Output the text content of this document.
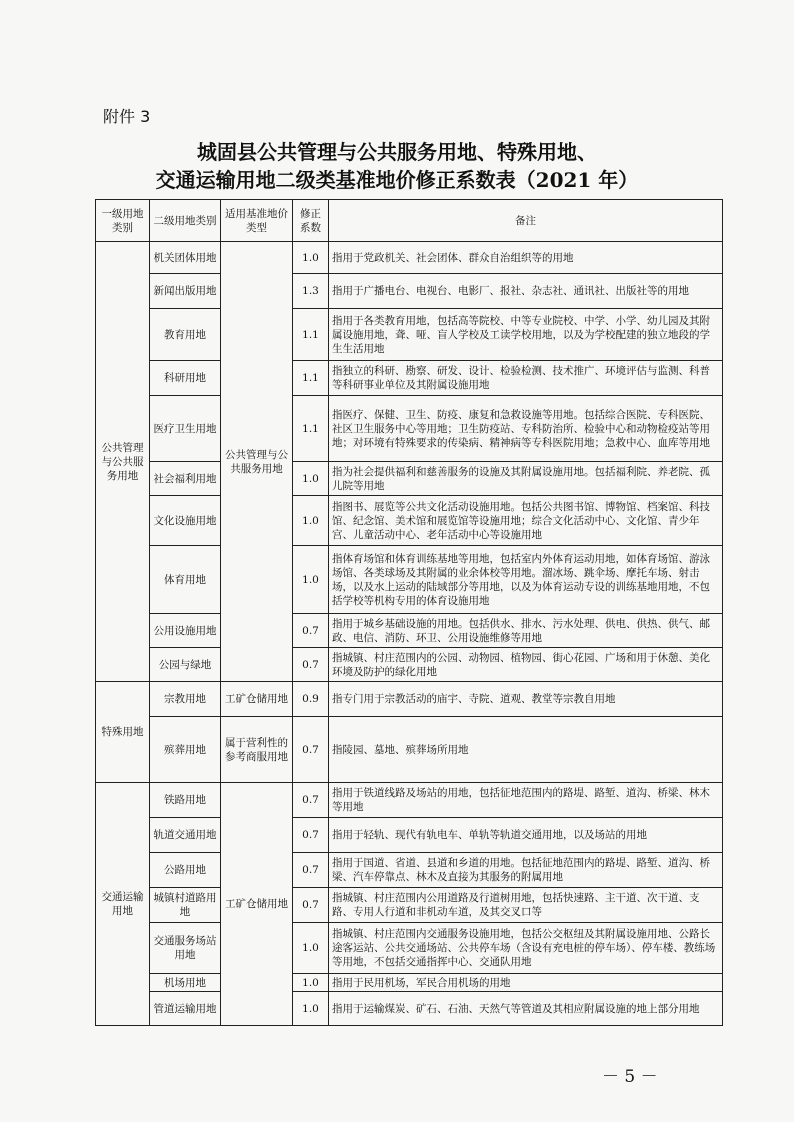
附件 3
城固县公共管理与公共服务用地、特殊用地、
交通运输用地二级类基准地价修正系数表（2021 年）
一级用地类别	二级用地类别	适用基准地价类型	修正系数	备注
公共管理与公共服务用地	机关团体用地	公共管理与公共服务用地	1.0	指用于党政机关、社会团体、群众自治组织等的用地
	新闻出版用地		1.3	指用于广播电台、电视台、电影厂、报社、杂志社、通讯社、出版社等的用地
	教育用地		1.1	指用于各类教育用地，包括高等院校、中等专业院校、中学、小学、幼儿园及其附属设施用地，聋、哑、盲人学校及工读学校用地，以及为学校配建的独立地段的学生生活用地
	科研用地		1.1	指独立的科研、勘察、研发、设计、检验检测、技术推广、环境评估与监测、科普等科研事业单位及其附属设施用地
	医疗卫生用地		1.1	指医疗、保健、卫生、防疫、康复和急救设施等用地。包括综合医院、专科医院、社区卫生服务中心等用地；卫生防疫站、专科防治所、检验中心和动物检疫站等用地；对环境有特殊要求的传染病、精神病等专科医院用地；急救中心、血库等用地
	社会福利用地		1.0	指为社会提供福利和慈善服务的设施及其附属设施用地。包括福利院、养老院、孤儿院等用地
	文化设施用地		1.0	指图书、展览等公共文化活动设施用地。包括公共图书馆、博物馆、档案馆、科技馆、纪念馆、美术馆和展览馆等设施用地；综合文化活动中心、文化馆、青少年宫、儿童活动中心、老年活动中心等设施用地
	体育用地		1.0	指体育场馆和体育训练基地等用地，包括室内外体育运动用地，如体育场馆、游泳场馆、各类球场及其附属的业余体校等用地。溜冰场、跳伞场、摩托车场、射击场，以及水上运动的陆域部分等用地，以及为体育运动专设的训练基地用地，不包括学校等机构专用的体育设施用地
	公用设施用地		0.7	指用于城乡基础设施的用地。包括供水、排水、污水处理、供电、供热、供气、邮政、电信、消防、环卫、公用设施维修等用地
	公园与绿地		0.7	指城镇、村庄范围内的公园、动物园、植物园、街心花园、广场和用于休憩、美化环境及防护的绿化用地
特殊用地	宗教用地	工矿仓储用地	0.9	指专门用于宗教活动的庙宇、寺院、道观、教堂等宗教自用地
	殡葬用地	属于营利性的参考商服用地	0.7	指陵园、墓地、殡葬场所用地
交通运输用地	铁路用地	工矿仓储用地	0.7	指用于铁道线路及场站的用地，包括征地范围内的路堤、路堑、道沟、桥梁、林木等用地
	轨道交通用地		0.7	指用于轻轨、现代有轨电车、单轨等轨道交通用地，以及场站的用地
	公路用地		0.7	指用于国道、省道、县道和乡道的用地。包括征地范围内的路堤、路堑、道沟、桥梁、汽车停靠点、林木及直接为其服务的附属用地
	城镇村道路用地		0.7	指城镇、村庄范围内公用道路及行道树用地，包括快速路、主干道、次干道、支路、专用人行道和非机动车道，及其交叉口等
	交通服务场站用地		1.0	指城镇、村庄范围内交通服务设施用地，包括公交枢纽及其附属设施用地、公路长途客运站、公共交通场站、公共停车场（含设有充电桩的停车场）、停车楼、教练场等用地，不包括交通指挥中心、交通队用地
	机场用地		1.0	指用于民用机场，军民合用机场的用地
	管道运输用地		1.0	指用于运输煤炭、矿石、石油、天然气等管道及其相应附属设施的地上部分用地
－ 5 －
